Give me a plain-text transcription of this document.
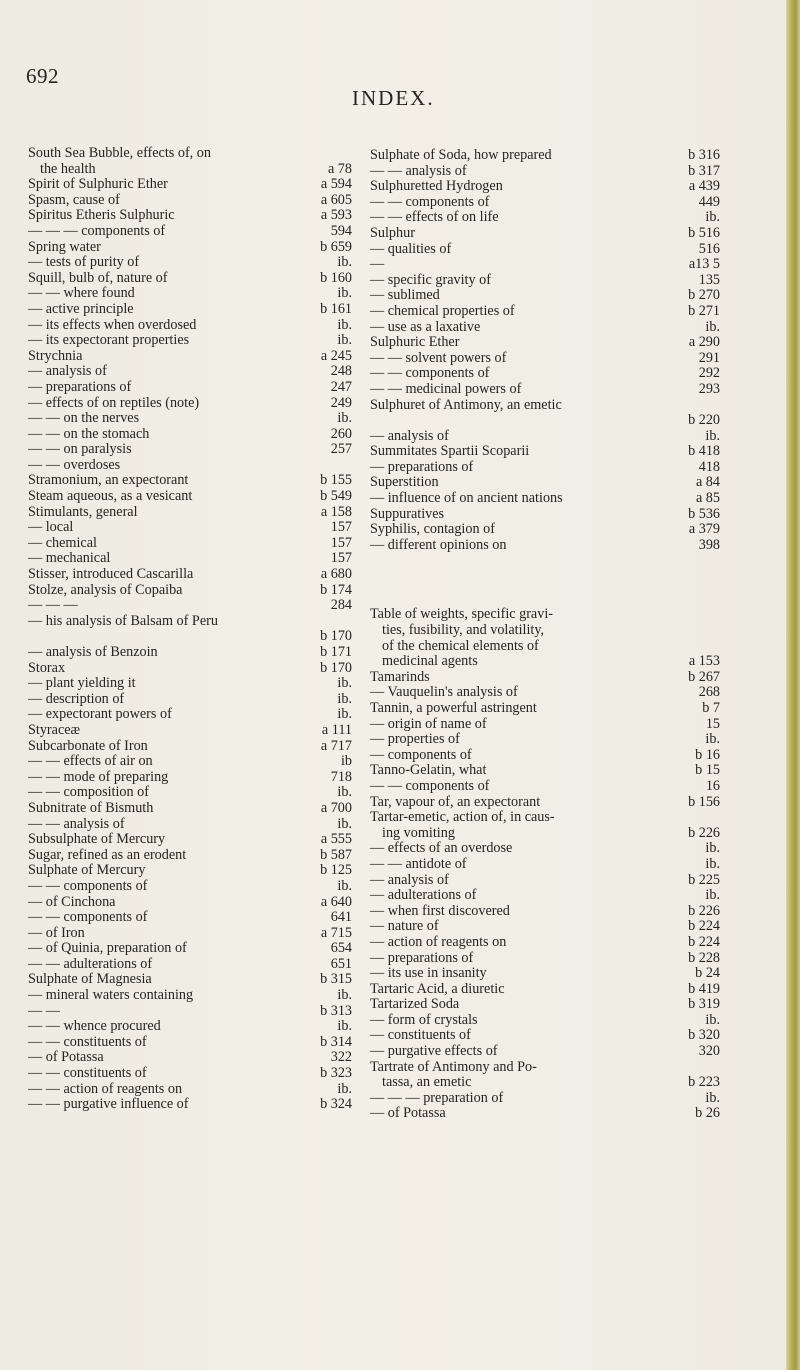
692
INDEX.
South Sea Bubble, effects of, on
the health	a 78
Spirit of Sulphuric Ether	a 594
Spasm, cause of	a 605
Spiritus Etheris Sulphuric	a 593
— — — components of	594
Spring water	b 659
— tests of purity of	ib.
Squill, bulb of, nature of	b 160
— — where found	ib.
— active principle	b 161
— its effects when overdosed	ib.
— its expectorant properties	ib.
Strychnia	a 245
— analysis of	248
— preparations of	247
— effects of on reptiles (note)	249
— — on the nerves	ib.
— — on the stomach	260
— — on paralysis	257
— — overdoses
Stramonium, an expectorant	b 155
Steam aqueous, as a vesicant	b 549
Stimulants, general	a 158
— local	157
— chemical	157
— mechanical	157
Stisser, introduced Cascarilla	a 680
Stolze, analysis of Copaiba	b 174
— — —	284
— his analysis of Balsam of Peru
b 170
— analysis of Benzoin	b 171
Storax	b 170
— plant yielding it	ib.
— description of	ib.
— expectorant powers of	ib.
Styraceæ	a 111
Subcarbonate of Iron	a 717
— — effects of air on	ib
— — mode of preparing	718
— — composition of	ib.
Subnitrate of Bismuth	a 700
— — analysis of	ib.
Subsulphate of Mercury	a 555
Sugar, refined as an erodent	b 587
Sulphate of Mercury	b 125
— — components of	ib.
— of Cinchona	a 640
— — components of	641
— of Iron	a 715
— of Quinia, preparation of	654
— — adulterations of	651
Sulphate of Magnesia	b 315
— mineral waters containing	ib.
— —	b 313
— — whence procured	ib.
— — constituents of	b 314
— of Potassa	322
— — constituents of	b 323
— — action of reagents on	ib.
— — purgative influence of	b 324
Sulphate of Soda, how prepared	b 316
— — analysis of	b 317
Sulphuretted Hydrogen	a 439
— — components of	449
— — effects of on life	ib.
Sulphur	b 516
— qualities of	516
—	a13 5
— specific gravity of	135
— sublimed	b 270
— chemical properties of	b 271
— use as a laxative	ib.
Sulphuric Ether	a 290
— — solvent powers of	291
— — components of	292
— — medicinal powers of	293
Sulphuret of Antimony, an emetic
b 220
— analysis of	ib.
Summitates Spartii Scoparii	b 418
— preparations of	418
Superstition	a 84
— influence of on ancient nations	a 85
Suppuratives	b 536
Syphilis, contagion of	a 379
— different opinions on	398
Table of weights, specific gravi-
ties, fusibility, and volatility,
of the chemical elements of
medicinal agents	a 153
Tamarinds	b 267
— Vauquelin's analysis of	268
Tannin, a powerful astringent	b 7
— origin of name of	15
— properties of	ib.
— components of	b 16
Tanno-Gelatin, what	b 15
— — components of	16
Tar, vapour of, an expectorant	b 156
Tartar-emetic, action of, in caus-
ing vomiting	b 226
— effects of an overdose	ib.
— — antidote of	ib.
— analysis of	b 225
— adulterations of	ib.
— when first discovered	b 226
— nature of	b 224
— action of reagents on	b 224
— preparations of	b 228
— its use in insanity	b 24
Tartaric Acid, a diuretic	b 419
Tartarized Soda	b 319
— form of crystals	ib.
— constituents of	b 320
— purgative effects of	320
Tartrate of Antimony and Po-
tassa, an emetic	b 223
— — — preparation of	ib.
— of Potassa	b 26
